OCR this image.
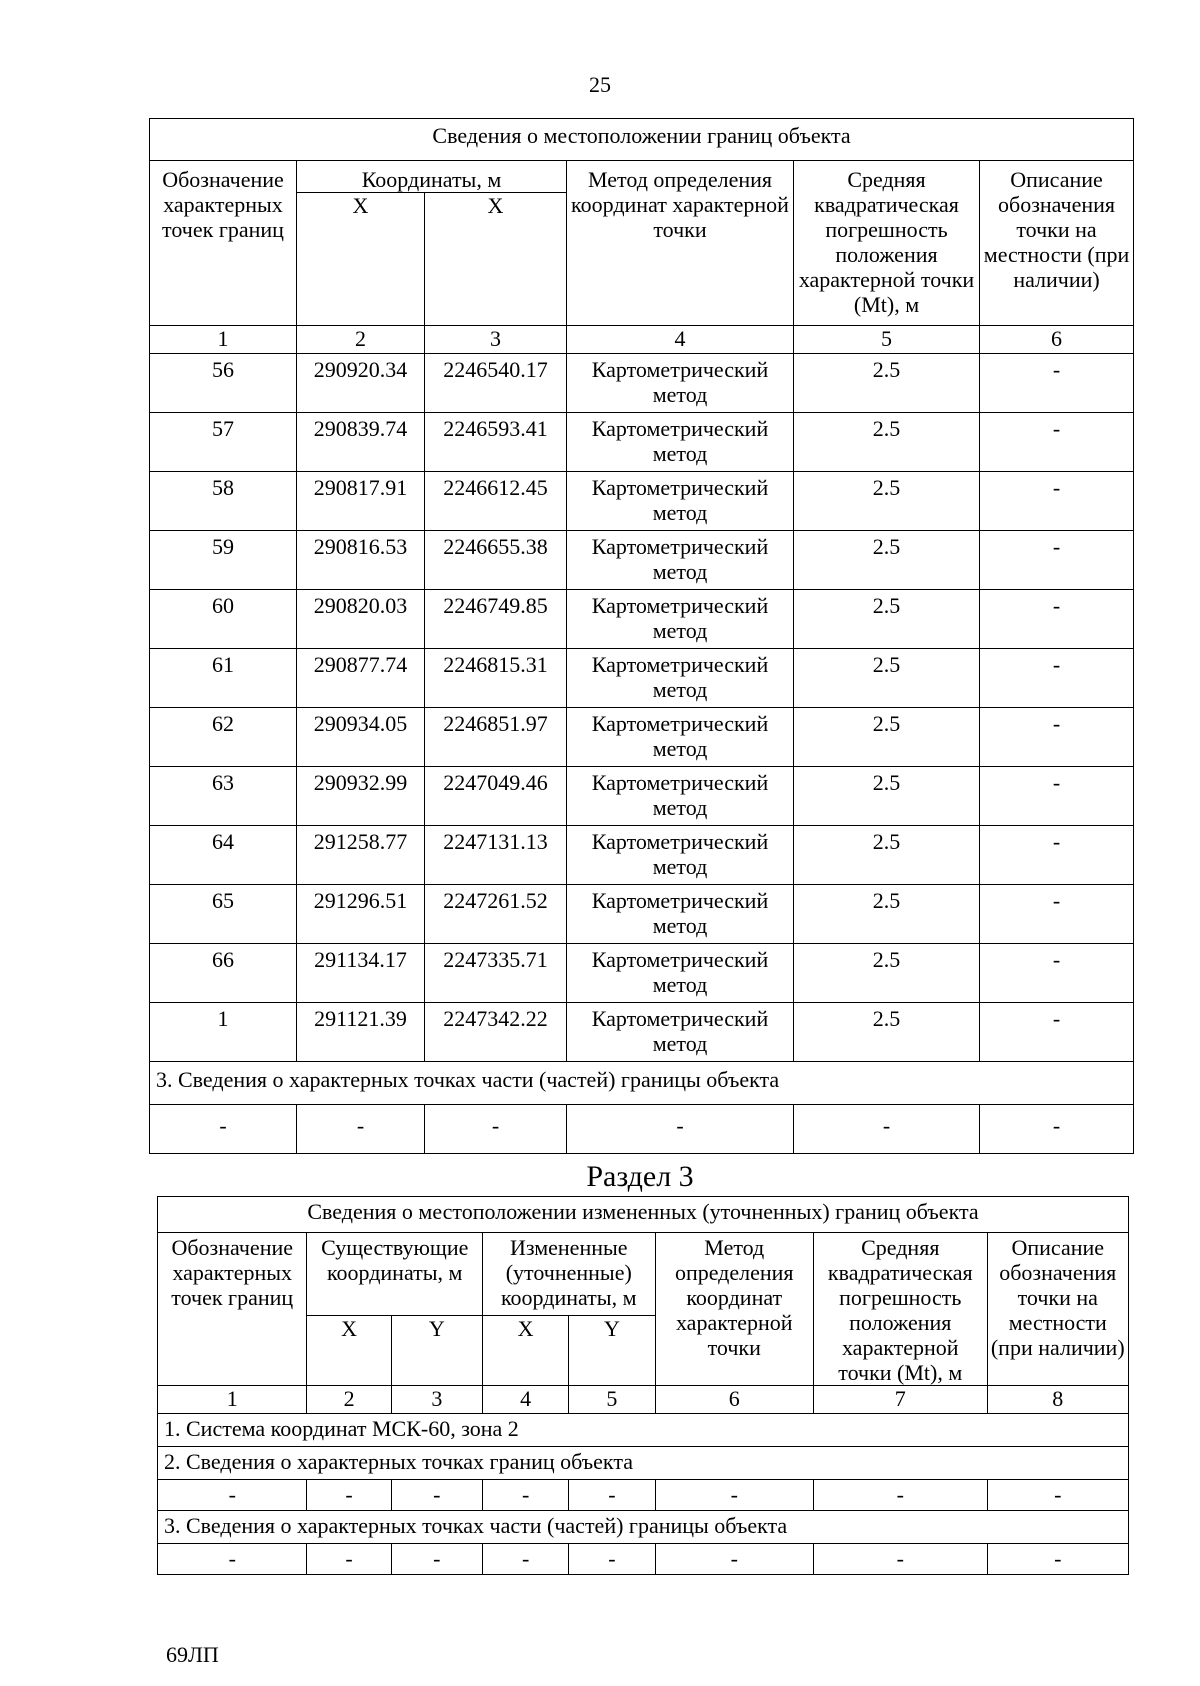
25
Сведения о местоположении границ объекта					
Обозначение характерных точек границ	Координаты, м		Метод определения координат характерной точки	Средняя квадратическая погрешность положения характерной точки (Mt), м	Описание обозначения точки на местности (при наличии)
	X	X			
1	2	3	4	5	6
56	290920.34	2246540.17	Картометрический метод	2.5	-
57	290839.74	2246593.41	Картометрический метод	2.5	-
58	290817.91	2246612.45	Картометрический метод	2.5	-
59	290816.53	2246655.38	Картометрический метод	2.5	-
60	290820.03	2246749.85	Картометрический метод	2.5	-
61	290877.74	2246815.31	Картометрический метод	2.5	-
62	290934.05	2246851.97	Картометрический метод	2.5	-
63	290932.99	2247049.46	Картометрический метод	2.5	-
64	291258.77	2247131.13	Картометрический метод	2.5	-
65	291296.51	2247261.52	Картометрический метод	2.5	-
66	291134.17	2247335.71	Картометрический метод	2.5	-
1	291121.39	2247342.22	Картометрический метод	2.5	-
3. Сведения о характерных точках части (частей) границы объекта					
-	-	-	-	-	-
Раздел 3
Сведения о местоположении измененных (уточненных) границ объекта							
Обозначение характерных точек границ	Существующие координаты, м		Измененные (уточненные) координаты, м		Метод определения координат характерной точки	Средняя квадратическая погрешность положения характерной точки (Mt), м	Описание обозначения точки на местности (при наличии)
	X	Y	X	Y			
1	2	3	4	5	6	7	8
1. Система координат МСК-60, зона 2							
2. Сведения о характерных точках границ объекта							
-	-	-	-	-	-	-	-
3. Сведения о характерных точках части (частей) границы объекта							
-	-	-	-	-	-	-	-
69ЛП
